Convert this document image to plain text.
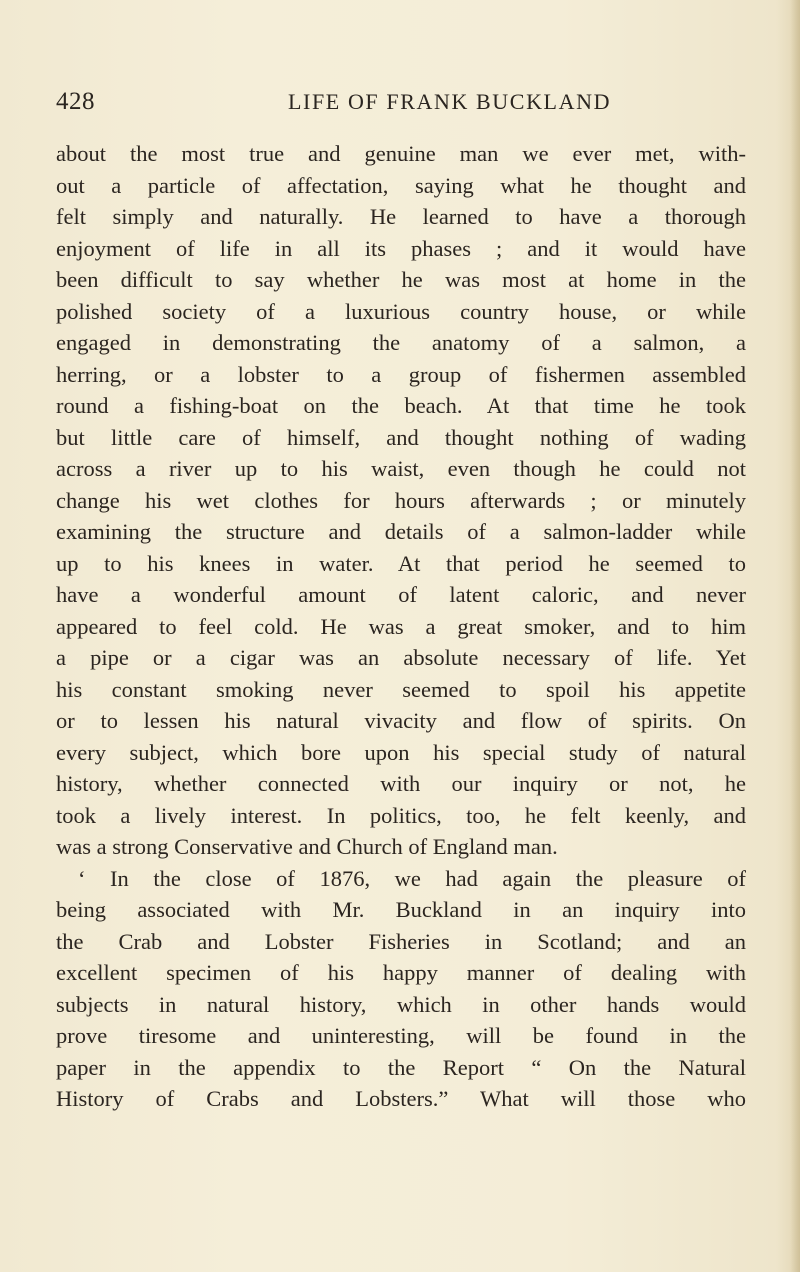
428	LIFE OF FRANK BUCKLAND
about the most true and genuine man we ever met, with-
out a particle of affectation, saying what he thought and
felt simply and naturally. He learned to have a thorough
enjoyment of life in all its phases ; and it would have
been difficult to say whether he was most at home in the
polished society of a luxurious country house, or while
engaged in demonstrating the anatomy of a salmon, a
herring, or a lobster to a group of fishermen assembled
round a fishing-boat on the beach. At that time he took
but little care of himself, and thought nothing of wading
across a river up to his waist, even though he could not
change his wet clothes for hours afterwards ; or minutely
examining the structure and details of a salmon-ladder while
up to his knees in water. At that period he seemed to
have a wonderful amount of latent caloric, and never
appeared to feel cold. He was a great smoker, and to him
a pipe or a cigar was an absolute necessary of life. Yet
his constant smoking never seemed to spoil his appetite
or to lessen his natural vivacity and flow of spirits. On
every subject, which bore upon his special study of natural
history, whether connected with our inquiry or not, he
took a lively interest. In politics, too, he felt keenly, and
was a strong Conservative and Church of England man.
‘ In the close of 1876, we had again the pleasure of
being associated with Mr. Buckland in an inquiry into
the Crab and Lobster Fisheries in Scotland; and an
excellent specimen of his happy manner of dealing with
subjects in natural history, which in other hands would
prove tiresome and uninteresting, will be found in the
paper in the appendix to the Report “ On the Natural
History of Crabs and Lobsters.” What will those who
